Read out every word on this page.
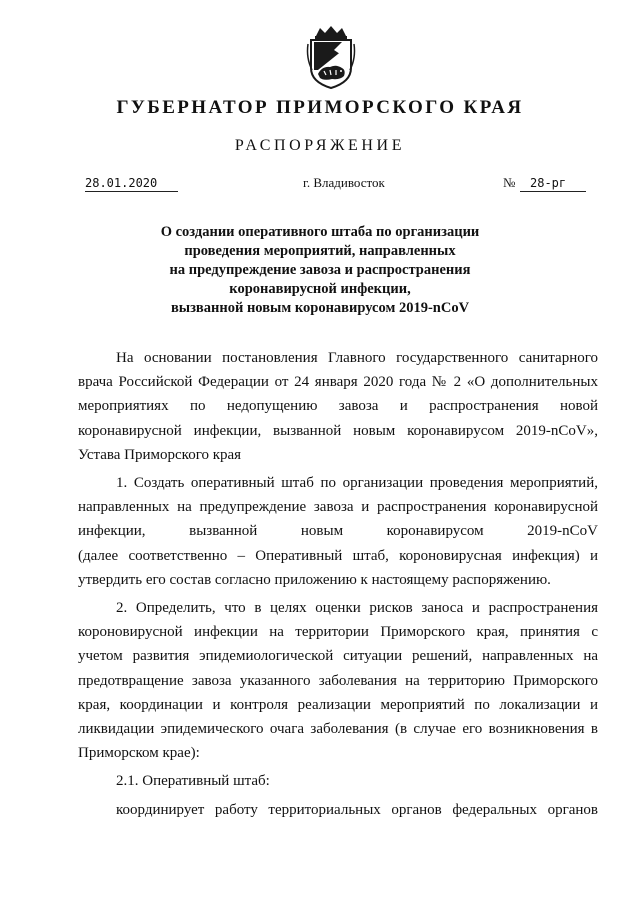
ГУБЕРНАТОР ПРИМОРСКОГО КРАЯ
РАСПОРЯЖЕНИЕ
28.01.2020	г. Владивосток	№	28-рг
О создании оперативного штаба по организации
проведения мероприятий, направленных
на предупреждение завоза и распространения
коронавирусной инфекции,
вызванной новым коронавирусом 2019-nCoV
На основании постановления Главного государственного санитарного
врача Российской Федерации от 24 января 2020 года № 2 «О дополнительных
мероприятиях по недопущению завоза и распространения новой
коронавирусной инфекции, вызванной новым коронавирусом 2019-nCoV»,
Устава Приморского края
1. Создать оперативный штаб по организации проведения мероприятий,
направленных на предупреждение завоза и распространения коронавирусной
инфекции, вызванной новым коронавирусом 2019-nCoV
(далее соответственно – Оперативный штаб, короновирусная инфекция) и
утвердить его состав согласно приложению к настоящему распоряжению.
2. Определить, что в целях оценки рисков заноса и распространения
короновирусной инфекции на территории Приморского края, принятия с
учетом развития эпидемиологической ситуации решений, направленных на
предотвращение завоза указанного заболевания на территорию Приморского
края, координации и контроля реализации мероприятий по локализации и
ликвидации эпидемического очага заболевания (в случае его возникновения в
Приморском крае):
2.1. Оперативный штаб:
координирует работу территориальных органов федеральных органов
